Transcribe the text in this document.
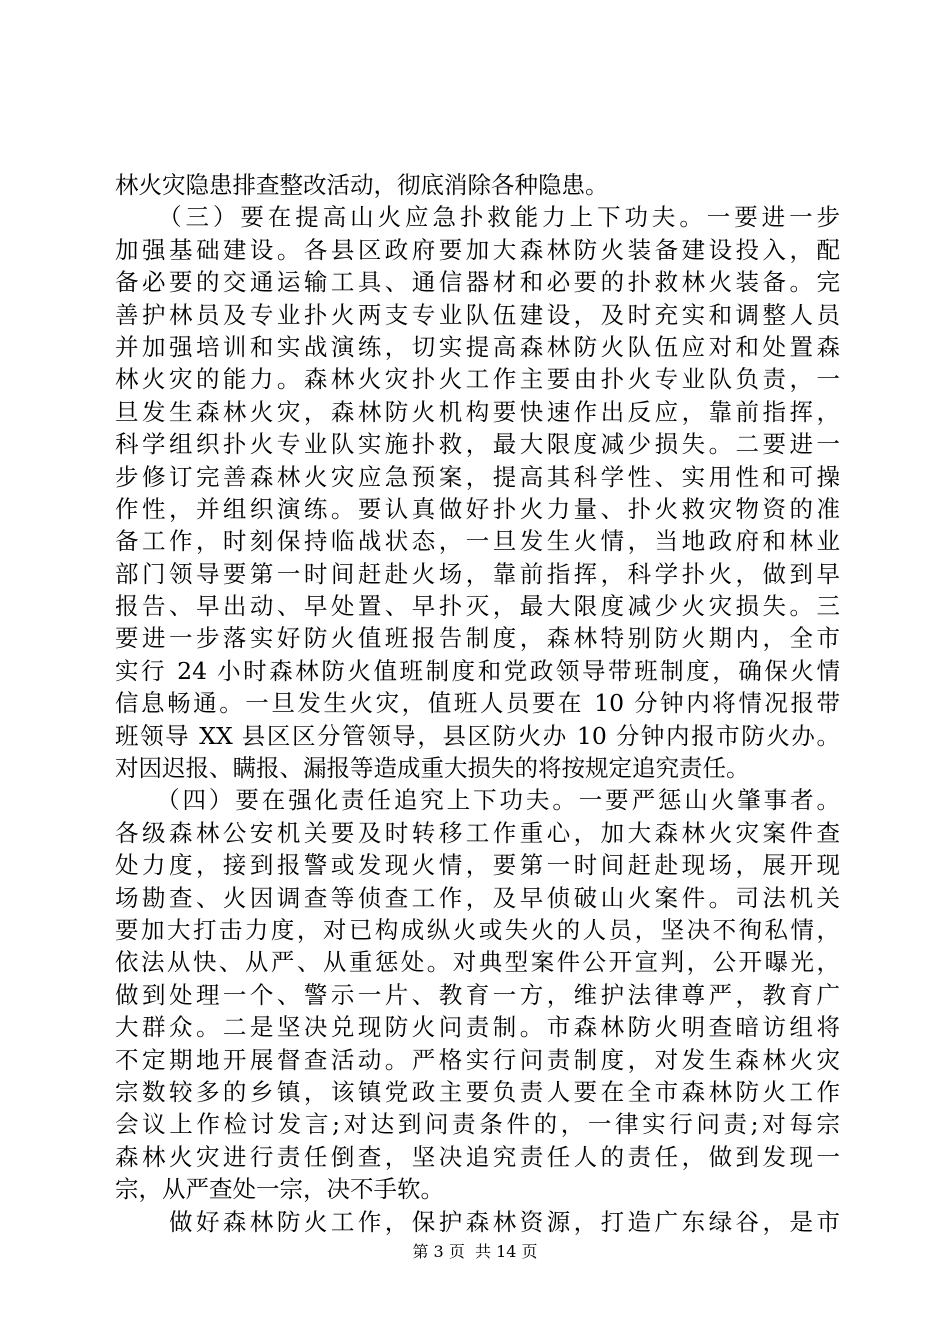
林火灾隐患排查整改活动，彻底消除各种隐患。
　　（三）要在提高山火应急扑救能力上下功夫。一要进一步
加强基础建设。各县区政府要加大森林防火装备建设投入，配
备必要的交通运输工具、通信器材和必要的扑救林火装备。完
善护林员及专业扑火两支专业队伍建设，及时充实和调整人员
并加强培训和实战演练，切实提高森林防火队伍应对和处置森
林火灾的能力。森林火灾扑火工作主要由扑火专业队负责，一
旦发生森林火灾，森林防火机构要快速作出反应，靠前指挥，
科学组织扑火专业队实施扑救，最大限度减少损失。二要进一
步修订完善森林火灾应急预案，提高其科学性、实用性和可操
作性，并组织演练。要认真做好扑火力量、扑火救灾物资的准
备工作，时刻保持临战状态，一旦发生火情，当地政府和林业
部门领导要第一时间赶赴火场，靠前指挥，科学扑火，做到早
报告、早出动、早处置、早扑灭，最大限度减少火灾损失。三
要进一步落实好防火值班报告制度，森林特别防火期内，全市
实行 24 小时森林防火值班制度和党政领导带班制度，确保火情
信息畅通。一旦发生火灾，值班人员要在 10 分钟内将情况报带
班领导 XX 县区区分管领导，县区防火办 10 分钟内报市防火办。
对因迟报、瞒报、漏报等造成重大损失的将按规定追究责任。
　　（四）要在强化责任追究上下功夫。一要严惩山火肇事者。
各级森林公安机关要及时转移工作重心，加大森林火灾案件查
处力度，接到报警或发现火情，要第一时间赶赴现场，展开现
场勘查、火因调查等侦查工作，及早侦破山火案件。司法机关
要加大打击力度，对已构成纵火或失火的人员，坚决不徇私情，
依法从快、从严、从重惩处。对典型案件公开宣判，公开曝光，
做到处理一个、警示一片、教育一方，维护法律尊严，教育广
大群众。二是坚决兑现防火问责制。市森林防火明查暗访组将
不定期地开展督查活动。严格实行问责制度，对发生森林火灾
宗数较多的乡镇，该镇党政主要负责人要在全市森林防火工作
会议上作检讨发言;对达到问责条件的，一律实行问责;对每宗
森林火灾进行责任倒查，坚决追究责任人的责任，做到发现一
宗，从严查处一宗，决不手软。
　　做好森林防火工作，保护森林资源，打造广东绿谷，是市
第 3 页  共 14 页
